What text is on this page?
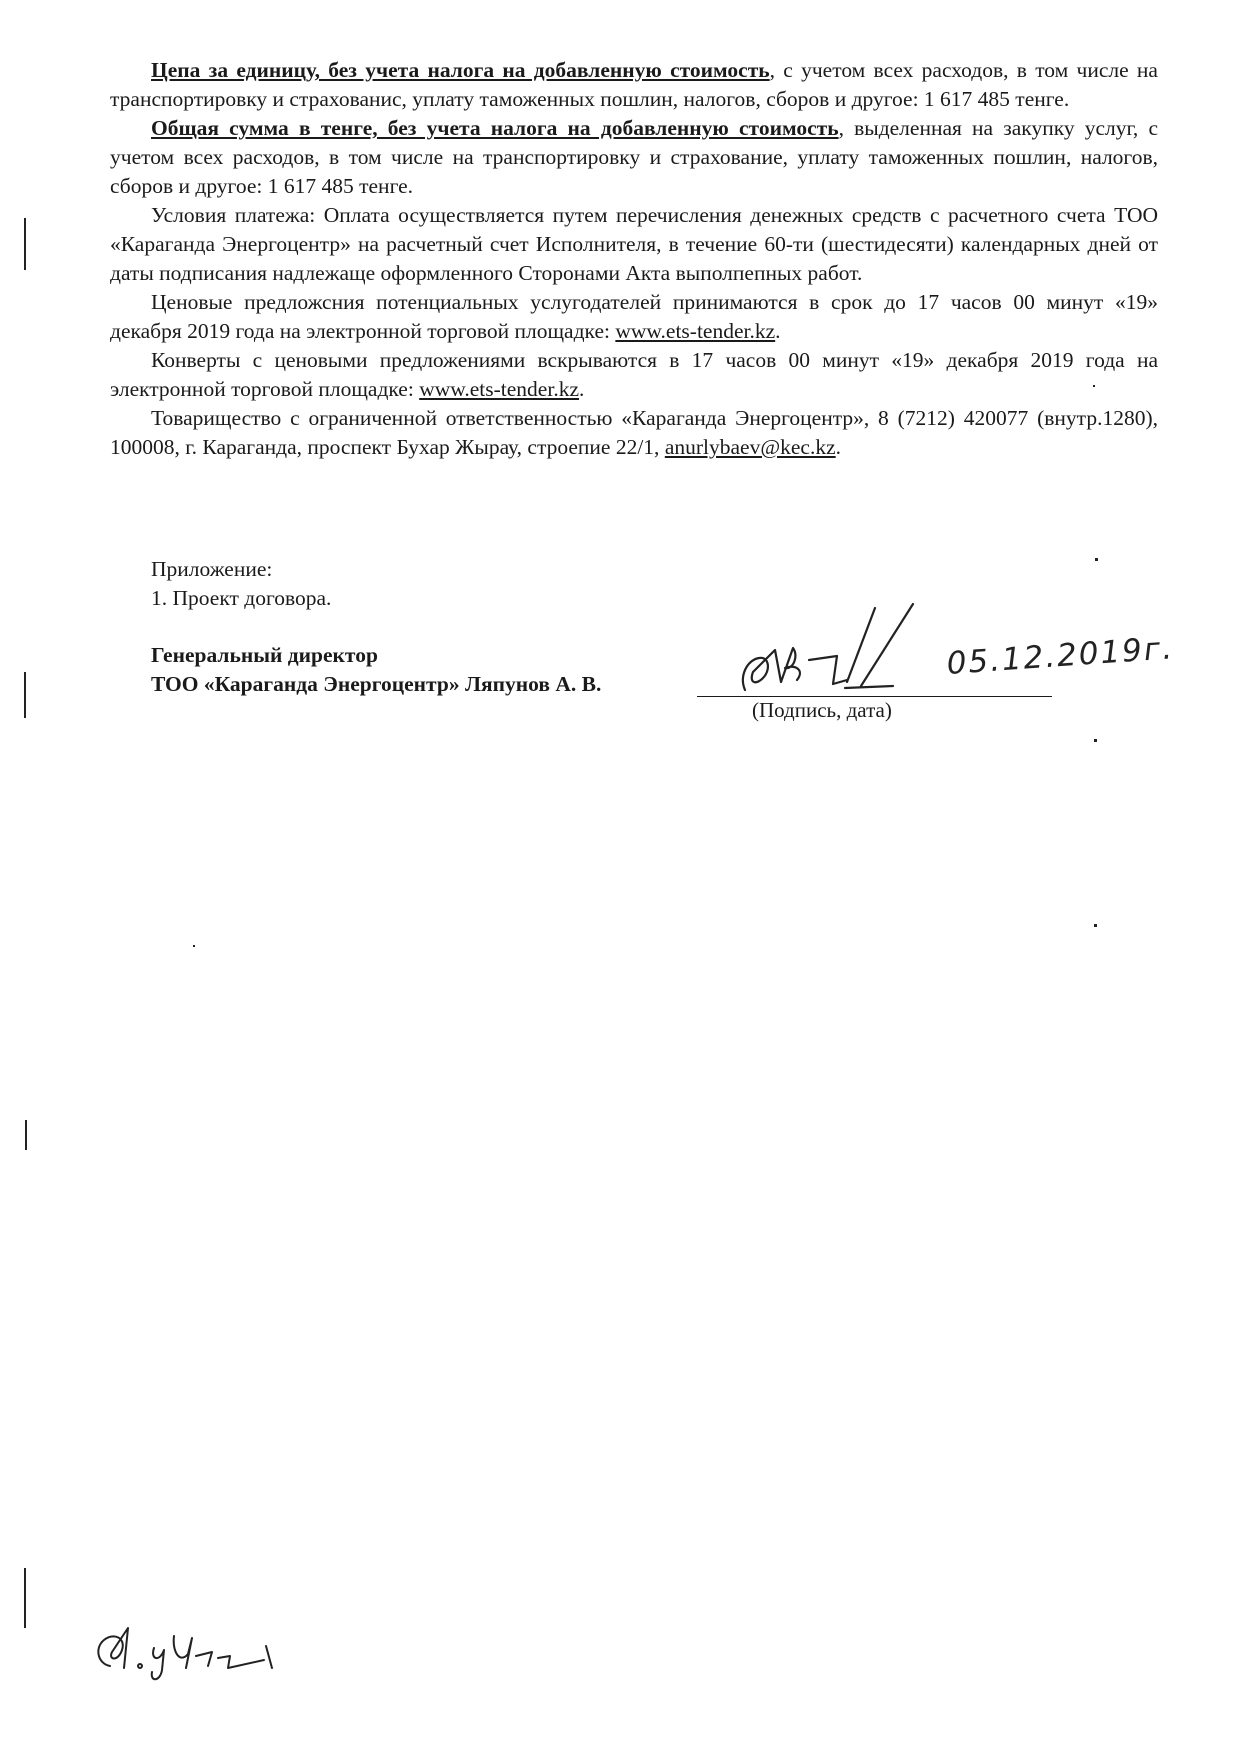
Цепа за единицу, без учета налога на добавленную стоимость, с учетом всех расходов, в том числе на транспортировку и страхованис, уплату таможенных пошлин, налогов, сборов и другое: 1 617 485 тенге.

Общая сумма в тенге, без учета налога на добавленную стоимость, выделенная на закупку услуг, с учетом всех расходов, в том числе на транспортировку и страхование, уплату таможенных пошлин, налогов, сборов и другое: 1 617 485 тенге.

Условия платежа: Оплата осуществляется путем перечисления денежных средств с расчетного счета ТОО «Караганда Энергоцентр» на расчетный счет Исполнителя, в течение 60-ти (шестидесяти) календарных дней от даты подписания надлежаще оформленного Сторонами Акта выполпепных работ.

Ценовые предложсния потенциальных услугодателей принимаются в срок до 17 часов 00 минут «19» декабря 2019 года на электронной торговой площадке: www.ets-tender.kz.

Конверты с ценовыми предложениями вскрываются в 17 часов 00 минут «19» декабря 2019 года на электронной торговой площадке: www.ets-tender.kz.

Товарищество с ограниченной ответственностью «Караганда Энергоцентр», 8 (7212) 420077 (внутр.1280), 100008, г. Караганда, проспект Бухар Жырау, строепие 22/1, anurlybaev@kec.kz.

Приложение:
1. Проект договора.
Генеральный директор
ТОО «Караганда Энергоцентр» Ляпунов А. В.
05.12.2019г.
(Подпись, дата)
